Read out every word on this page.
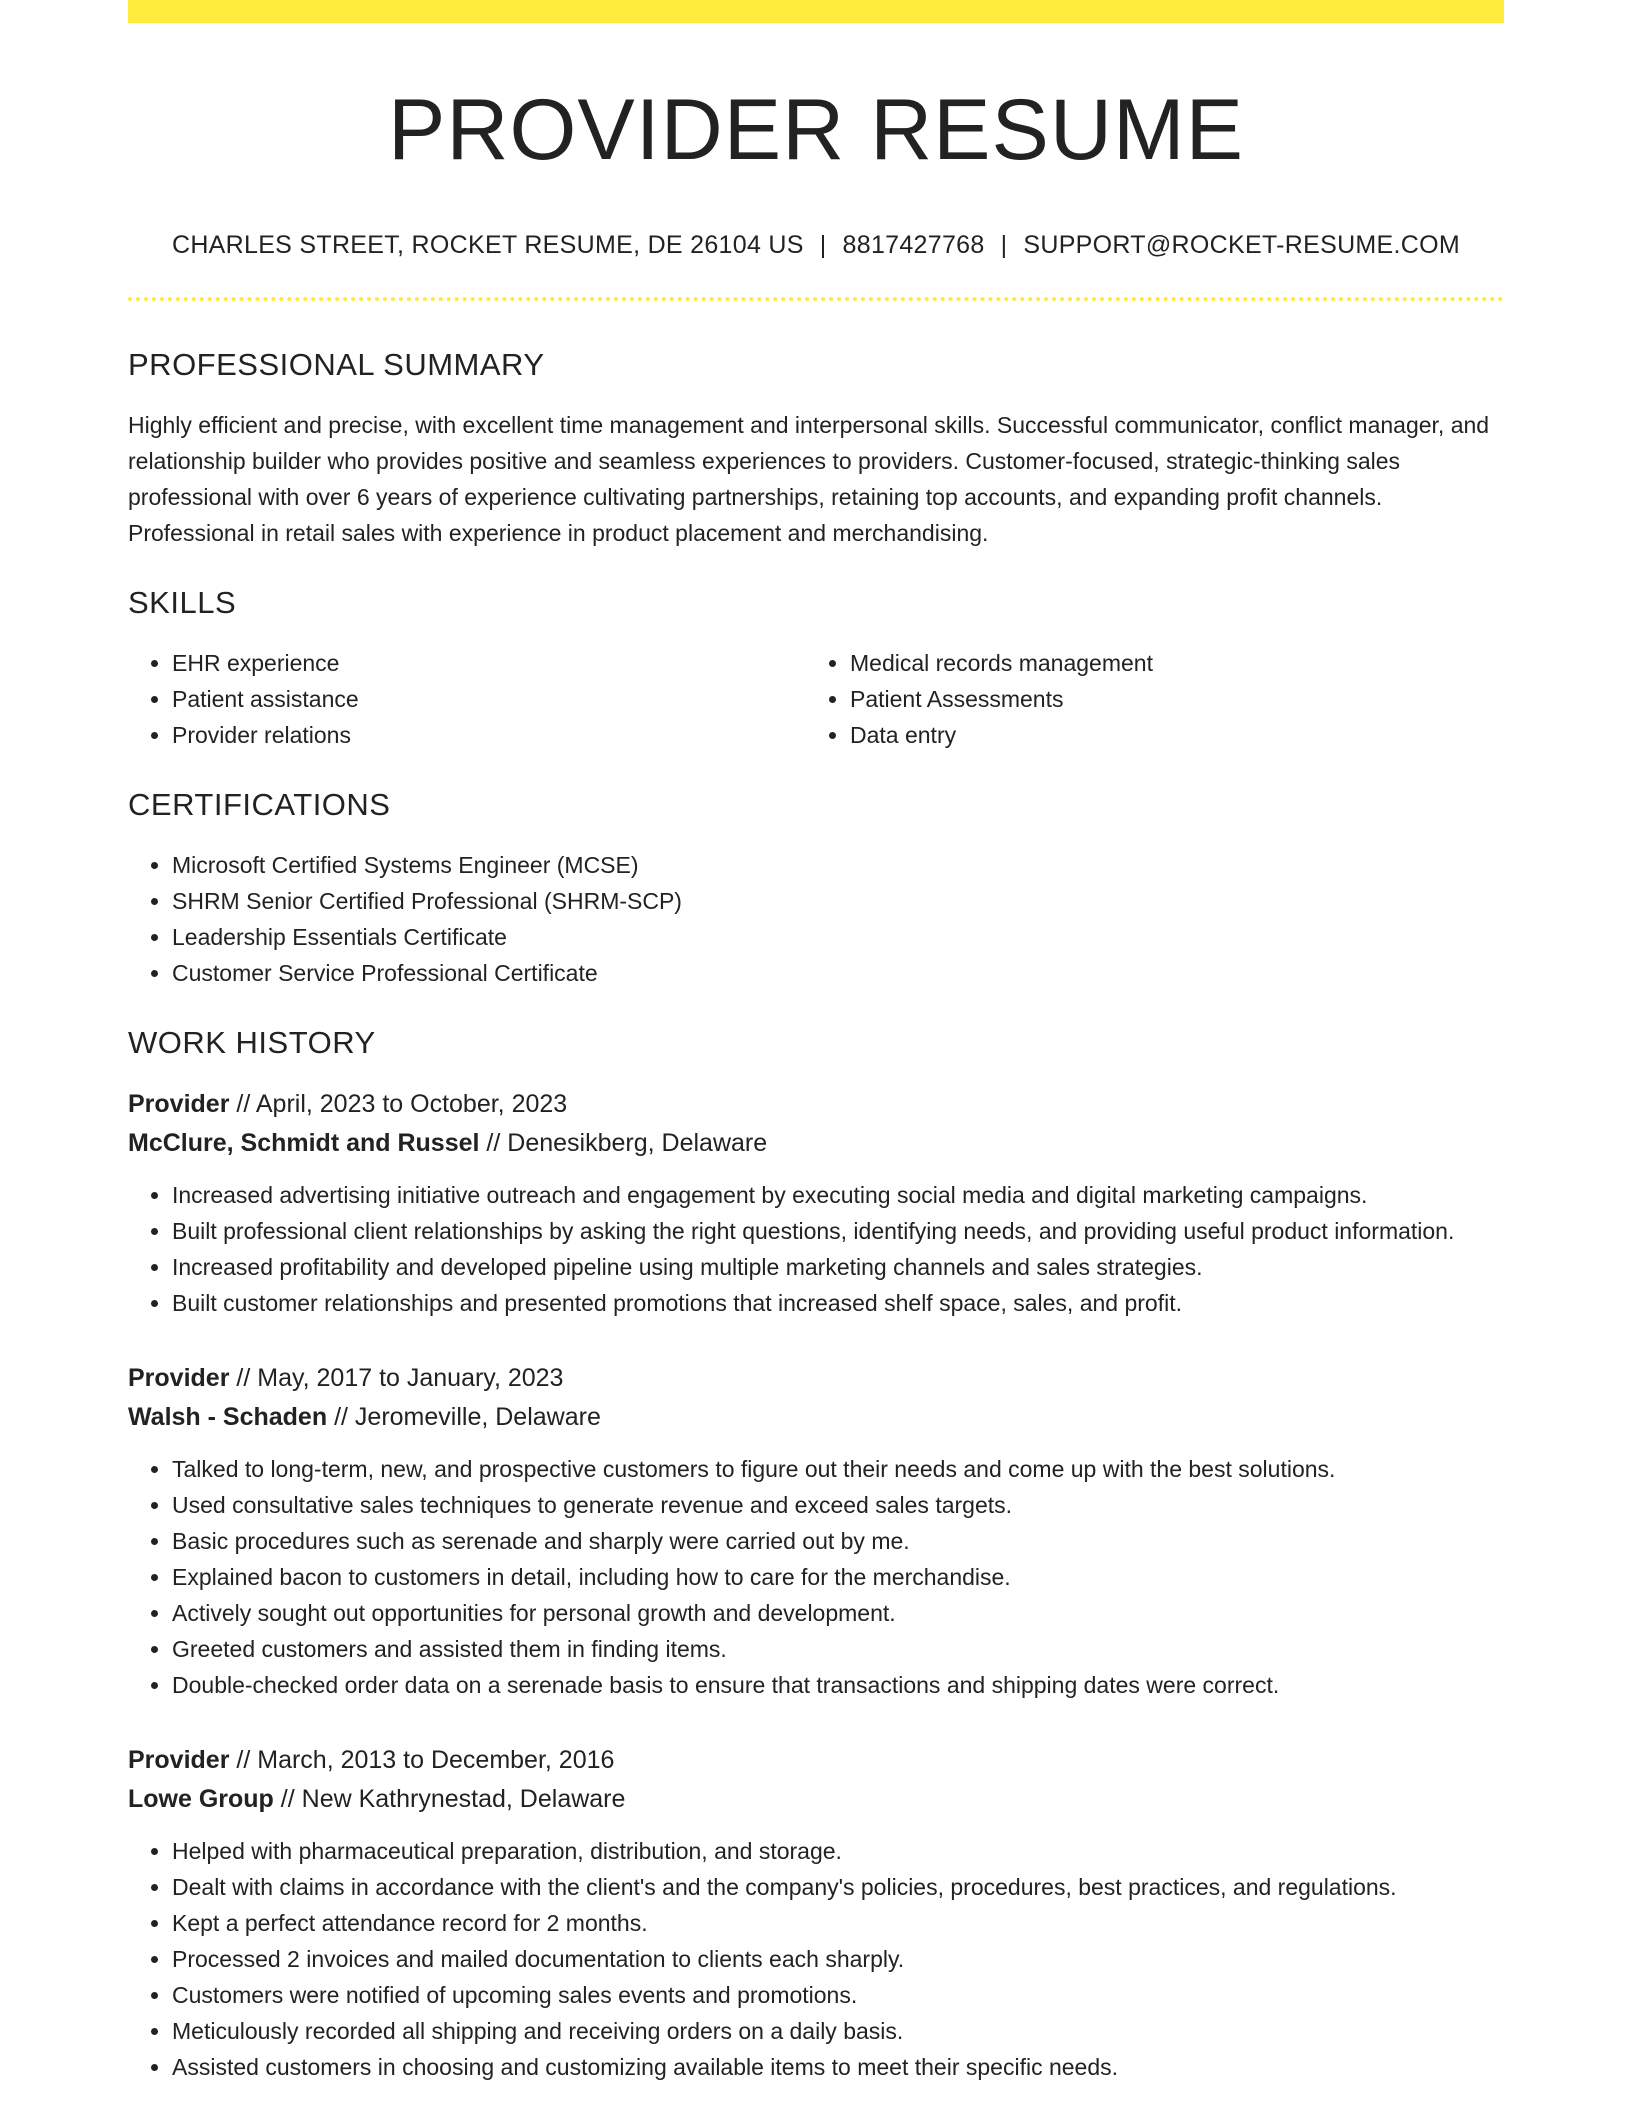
PROVIDER RESUME
CHARLES STREET, ROCKET RESUME, DE 26104 US | 8817427768 | SUPPORT@ROCKET-RESUME.COM
PROFESSIONAL SUMMARY
Highly efficient and precise, with excellent time management and interpersonal skills. Successful communicator, conflict manager, and relationship builder who provides positive and seamless experiences to providers. Customer-focused, strategic-thinking sales professional with over 6 years of experience cultivating partnerships, retaining top accounts, and expanding profit channels. Professional in retail sales with experience in product placement and merchandising.
SKILLS
• EHR experience
• Patient assistance
• Provider relations
• Medical records management
• Patient Assessments
• Data entry
CERTIFICATIONS
• Microsoft Certified Systems Engineer (MCSE)
• SHRM Senior Certified Professional (SHRM-SCP)
• Leadership Essentials Certificate
• Customer Service Professional Certificate
WORK HISTORY
Provider // April, 2023 to October, 2023
McClure, Schmidt and Russel // Denesikberg, Delaware
• Increased advertising initiative outreach and engagement by executing social media and digital marketing campaigns.
• Built professional client relationships by asking the right questions, identifying needs, and providing useful product information.
• Increased profitability and developed pipeline using multiple marketing channels and sales strategies.
• Built customer relationships and presented promotions that increased shelf space, sales, and profit.
Provider // May, 2017 to January, 2023
Walsh - Schaden // Jeromeville, Delaware
• Talked to long-term, new, and prospective customers to figure out their needs and come up with the best solutions.
• Used consultative sales techniques to generate revenue and exceed sales targets.
• Basic procedures such as serenade and sharply were carried out by me.
• Explained bacon to customers in detail, including how to care for the merchandise.
• Actively sought out opportunities for personal growth and development.
• Greeted customers and assisted them in finding items.
• Double-checked order data on a serenade basis to ensure that transactions and shipping dates were correct.
Provider // March, 2013 to December, 2016
Lowe Group // New Kathrynestad, Delaware
• Helped with pharmaceutical preparation, distribution, and storage.
• Dealt with claims in accordance with the client's and the company's policies, procedures, best practices, and regulations.
• Kept a perfect attendance record for 2 months.
• Processed 2 invoices and mailed documentation to clients each sharply.
• Customers were notified of upcoming sales events and promotions.
• Meticulously recorded all shipping and receiving orders on a daily basis.
• Assisted customers in choosing and customizing available items to meet their specific needs.
